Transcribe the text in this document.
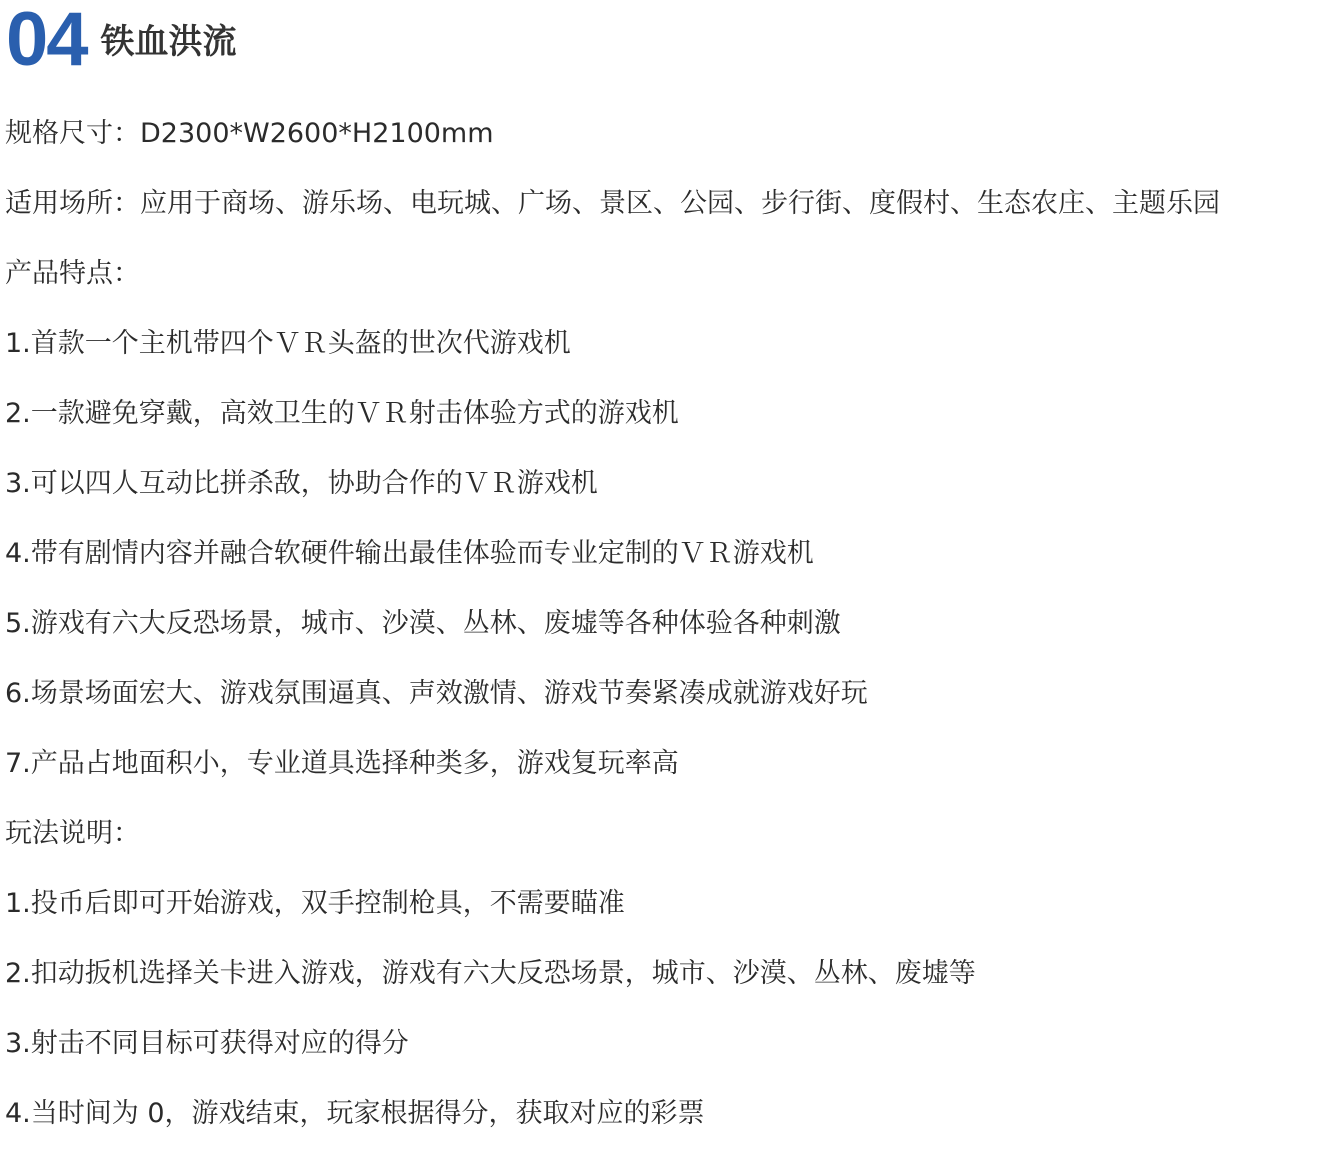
04 铁血洪流
规格尺寸：D2300*W2600*H2100mm
适用场所：应用于商场、游乐场、电玩城、广场、景区、公园、步行街、度假村、生态农庄、主题乐园
产品特点：
1.首款一个主机带四个ＶＲ头盔的世次代游戏机
2.一款避免穿戴，高效卫生的ＶＲ射击体验方式的游戏机
3.可以四人互动比拼杀敌，协助合作的ＶＲ游戏机
4.带有剧情内容并融合软硬件输出最佳体验而专业定制的ＶＲ游戏机
5.游戏有六大反恐场景，城市、沙漠、丛林、废墟等各种体验各种刺激
6.场景场面宏大、游戏氛围逼真、声效激情、游戏节奏紧凑成就游戏好玩
7.产品占地面积小，专业道具选择种类多，游戏复玩率高
玩法说明：
1.投币后即可开始游戏，双手控制枪具，不需要瞄准
2.扣动扳机选择关卡进入游戏，游戏有六大反恐场景，城市、沙漠、丛林、废墟等
3.射击不同目标可获得对应的得分
4.当时间为 0，游戏结束，玩家根据得分，获取对应的彩票
